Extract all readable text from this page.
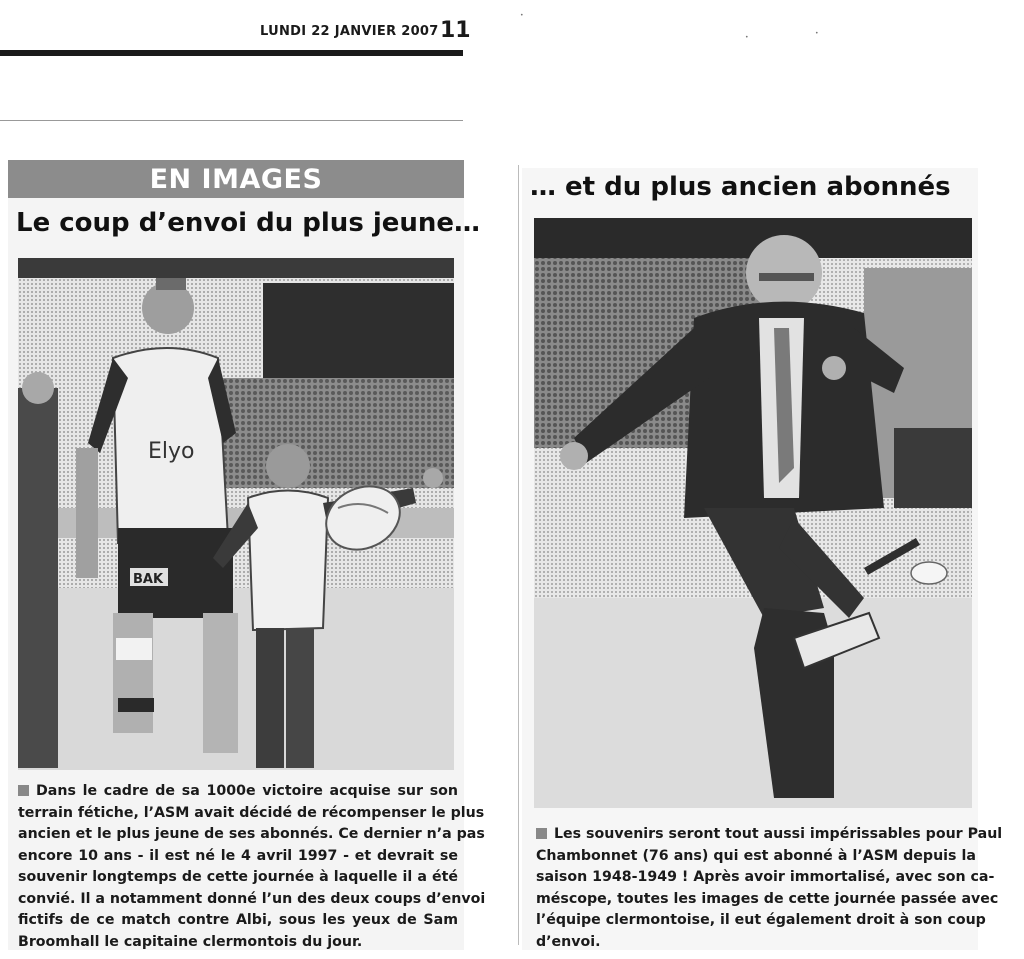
LUNDI 22 JANVIER 2007 11
•
•
•
EN IMAGES
Le coup d’envoi du plus jeune…
Elyo
BAK
Dans le cadre de sa 1000e victoire acquise sur son
terrain fétiche, l’ASM avait décidé de récompenser le plus
ancien et le plus jeune de ses abonnés. Ce dernier n’a pas
encore 10 ans - il est né le 4 avril 1997 - et devrait se
souvenir longtemps de cette journée à laquelle il a été
convié. Il a notamment donné l’un des deux coups d’envoi
fictifs de ce match contre Albi, sous les yeux de Sam
Broomhall le capitaine clermontois du jour.
… et du plus ancien abonnés
Les souvenirs seront tout aussi impérissables pour Paul
Chambonnet (76 ans) qui est abonné à l’ASM depuis la
saison 1948-1949 ! Après avoir immortalisé, avec son ca-
méscope, toutes les images de cette journée passée avec
l’équipe clermontoise, il eut également droit à son coup
d’envoi.
